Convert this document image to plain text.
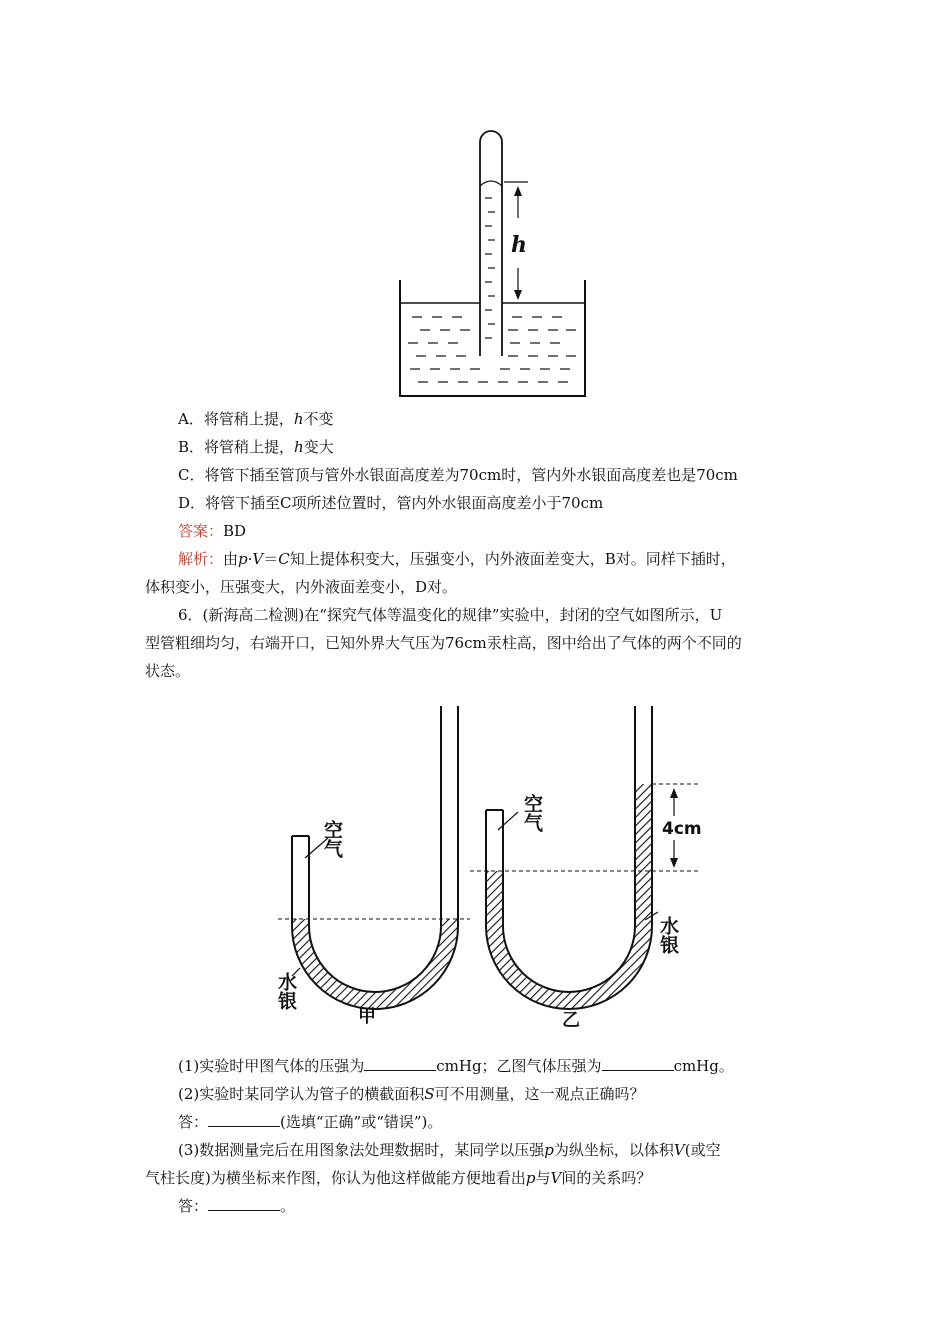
h
A．将管稍上提，h不变
B．将管稍上提，h变大
C．将管下插至管顶与管外水银面高度差为70cm时，管内外水银面高度差也是70cm
D．将管下插至C项所述位置时，管内外水银面高度差小于70cm
答案：BD
解析：由p·V＝C知上提体积变大，压强变小，内外液面差变大，B对。同样下插时，
体积变小，压强变大，内外液面差变小，D对。
6．(新海高二检测)在“探究气体等温变化的规律”实验中，封闭的空气如图所示，U
型管粗细均匀，右端开口，已知外界大气压为76cm汞柱高，图中给出了气体的两个不同的
状态。
空气
水银
空气
水银
4cm
甲	乙
(1)实验时甲图气体的压强为	cmHg；乙图气体压强为	cmHg。
(2)实验时某同学认为管子的横截面积S可不用测量，这一观点正确吗？
答：	(选填“正确”或“错误”)。
(3)数据测量完后在用图象法处理数据时，某同学以压强p为纵坐标，以体积V(或空
气柱长度)为横坐标来作图，你认为他这样做能方便地看出p与V间的关系吗？
答：	。
